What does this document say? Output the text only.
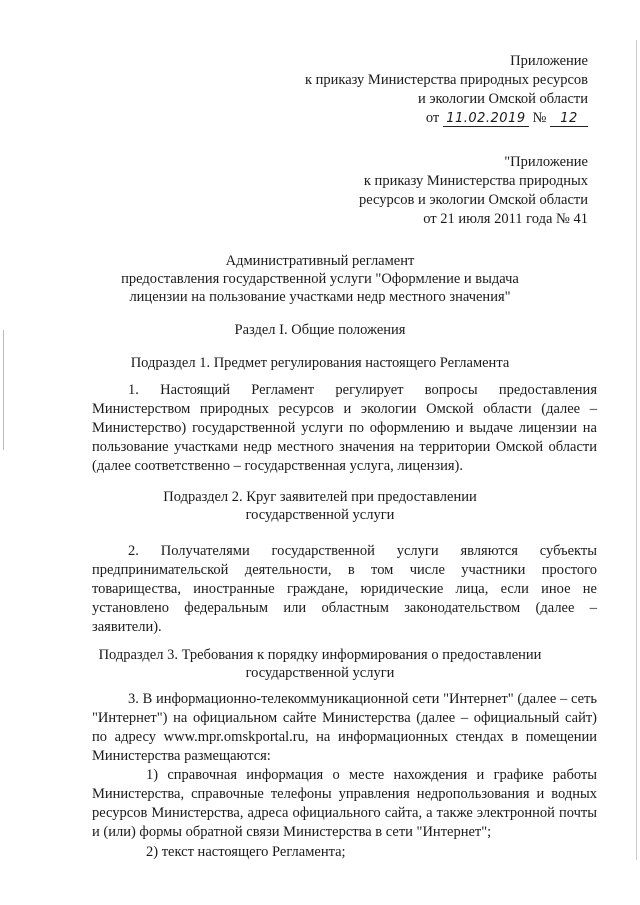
Приложение
к приказу Министерства природных ресурсов
и экологии Омской области
от 11.02.2019 № 12
"Приложение
к приказу Министерства природных
ресурсов и экологии Омской области
от 21 июля 2011 года № 41
Административный регламент
предоставления государственной услуги "Оформление и выдача
лицензии на пользование участками недр местного значения"
Раздел I. Общие положения
Подраздел 1. Предмет регулирования настоящего Регламента

1. Настоящий Регламент регулирует вопросы предоставления Министерством природных ресурсов и экологии Омской области (далее – Министерство) государственной услуги по оформлению и выдаче лицензии на пользование участками недр местного значения на территории Омской области (далее соответственно – государственная услуга, лицензия).

Подраздел 2. Круг заявителей при предоставлении
государственной услуги

2. Получателями государственной услуги являются субъекты предпринимательской деятельности, в том числе участники простого товарищества, иностранные граждане, юридические лица, если иное не установлено федеральным или областным законодательством (далее – заявители).

Подраздел 3. Требования к порядку информирования о предоставлении
государственной услуги

3. В информационно-телекоммуникационной сети "Интернет" (далее – сеть "Интернет") на официальном сайте Министерства (далее – официальный сайт) по адресу www.mpr.omskportal.ru, на информационных стендах в помещении Министерства размещаются:

1) справочная информация о месте нахождения и графике работы Министерства, справочные телефоны управления недропользования и водных ресурсов Министерства, адреса официального сайта, а также электронной почты и (или) формы обратной связи Министерства в сети "Интернет";

2) текст настоящего Регламента;
